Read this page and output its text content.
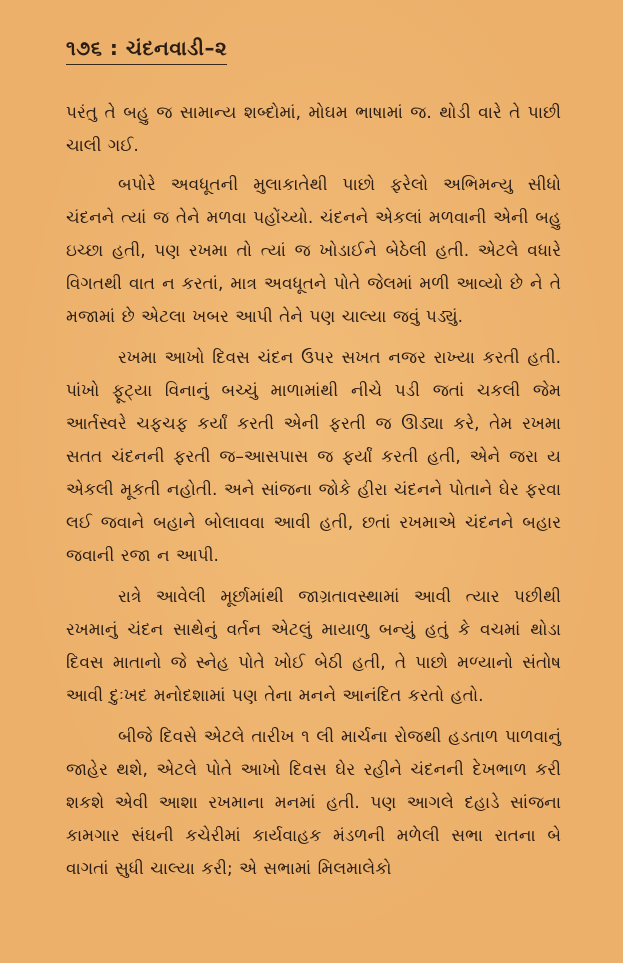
૧૭૬ : ચંદનવાડી–૨

પરંતુ તે બહુ જ સામાન્ય શબ્દોમાં, મોઘમ ભાષામાં જ. થોડી વારે તે પાછી ચાલી ગઈ.

બપોરે અવધૂતની મુલાકાતેથી પાછો ફરેલો અભિમન્યુ સીધો ચંદનને ત્યાં જ તેને મળવા પહોંચ્યો. ચંદનને એકલાં મળવાની એની બહુ ઇચ્છા હતી, પણ રખમા તો ત્યાં જ ખોડાઈને બેઠેલી હતી. એટલે વધારે વિગતથી વાત ન કરતાં, માત્ર અવધૂતને પોતે જેલમાં મળી આવ્યો છે ને તે મજામાં છે એટલા ખબર આપી તેને પણ ચાલ્યા જવું પડ્યું.

રખમા આખો દિવસ ચંદન ઉપર સખત નજર રાખ્યા કરતી હતી. પાંખો ફૂટ્યા વિનાનું બચ્ચું માળામાંથી નીચે પડી જતાં ચકલી જેમ આર્તસ્વરે ચફચફ કર્યાં કરતી એની ફરતી જ ઊડ્યા કરે, તેમ રખમા સતત ચંદનની ફરતી જ–આસપાસ જ ફર્યાં કરતી હતી, એને જરા ય એકલી મૂકતી નહોતી. અને સાંજના જોકે હીરા ચંદનને પોતાને ઘેર ફરવા લઈ જવાને બહાને બોલાવવા આવી હતી, છતાં રખમાએ ચંદનને બહાર જવાની રજા ન આપી.

રાત્રે આવેલી મૂર્છામાંથી જાગ્રતાવસ્થામાં આવી ત્યાર પછીથી રખમાનું ચંદન સાથેનું વર્તન એટલું માયાળુ બન્યું હતું કે વચમાં થોડા દિવસ માતાનો જે સ્નેહ પોતે ખોઈ બેઠી હતી, તે પાછો મળ્યાનો સંતોષ આવી દુઃખદ મનોદશામાં પણ તેના મનને આનંદિત કરતો હતો.

બીજે દિવસે એટલે તારીખ ૧ લી માર્ચના રોજથી હડતાળ પાળવાનું જાહેર થશે, એટલે પોતે આખો દિવસ ઘેર રહીને ચંદનની દેખભાળ કરી શકશે એવી આશા રખમાના મનમાં હતી. પણ આગલે દહાડે સાંજના કામગાર સંઘની કચેરીમાં કાર્યવાહક મંડળની મળેલી સભા રાતના બે વાગતાં સુધી ચાલ્યા કરી; એ સભામાં મિલમાલેકો
